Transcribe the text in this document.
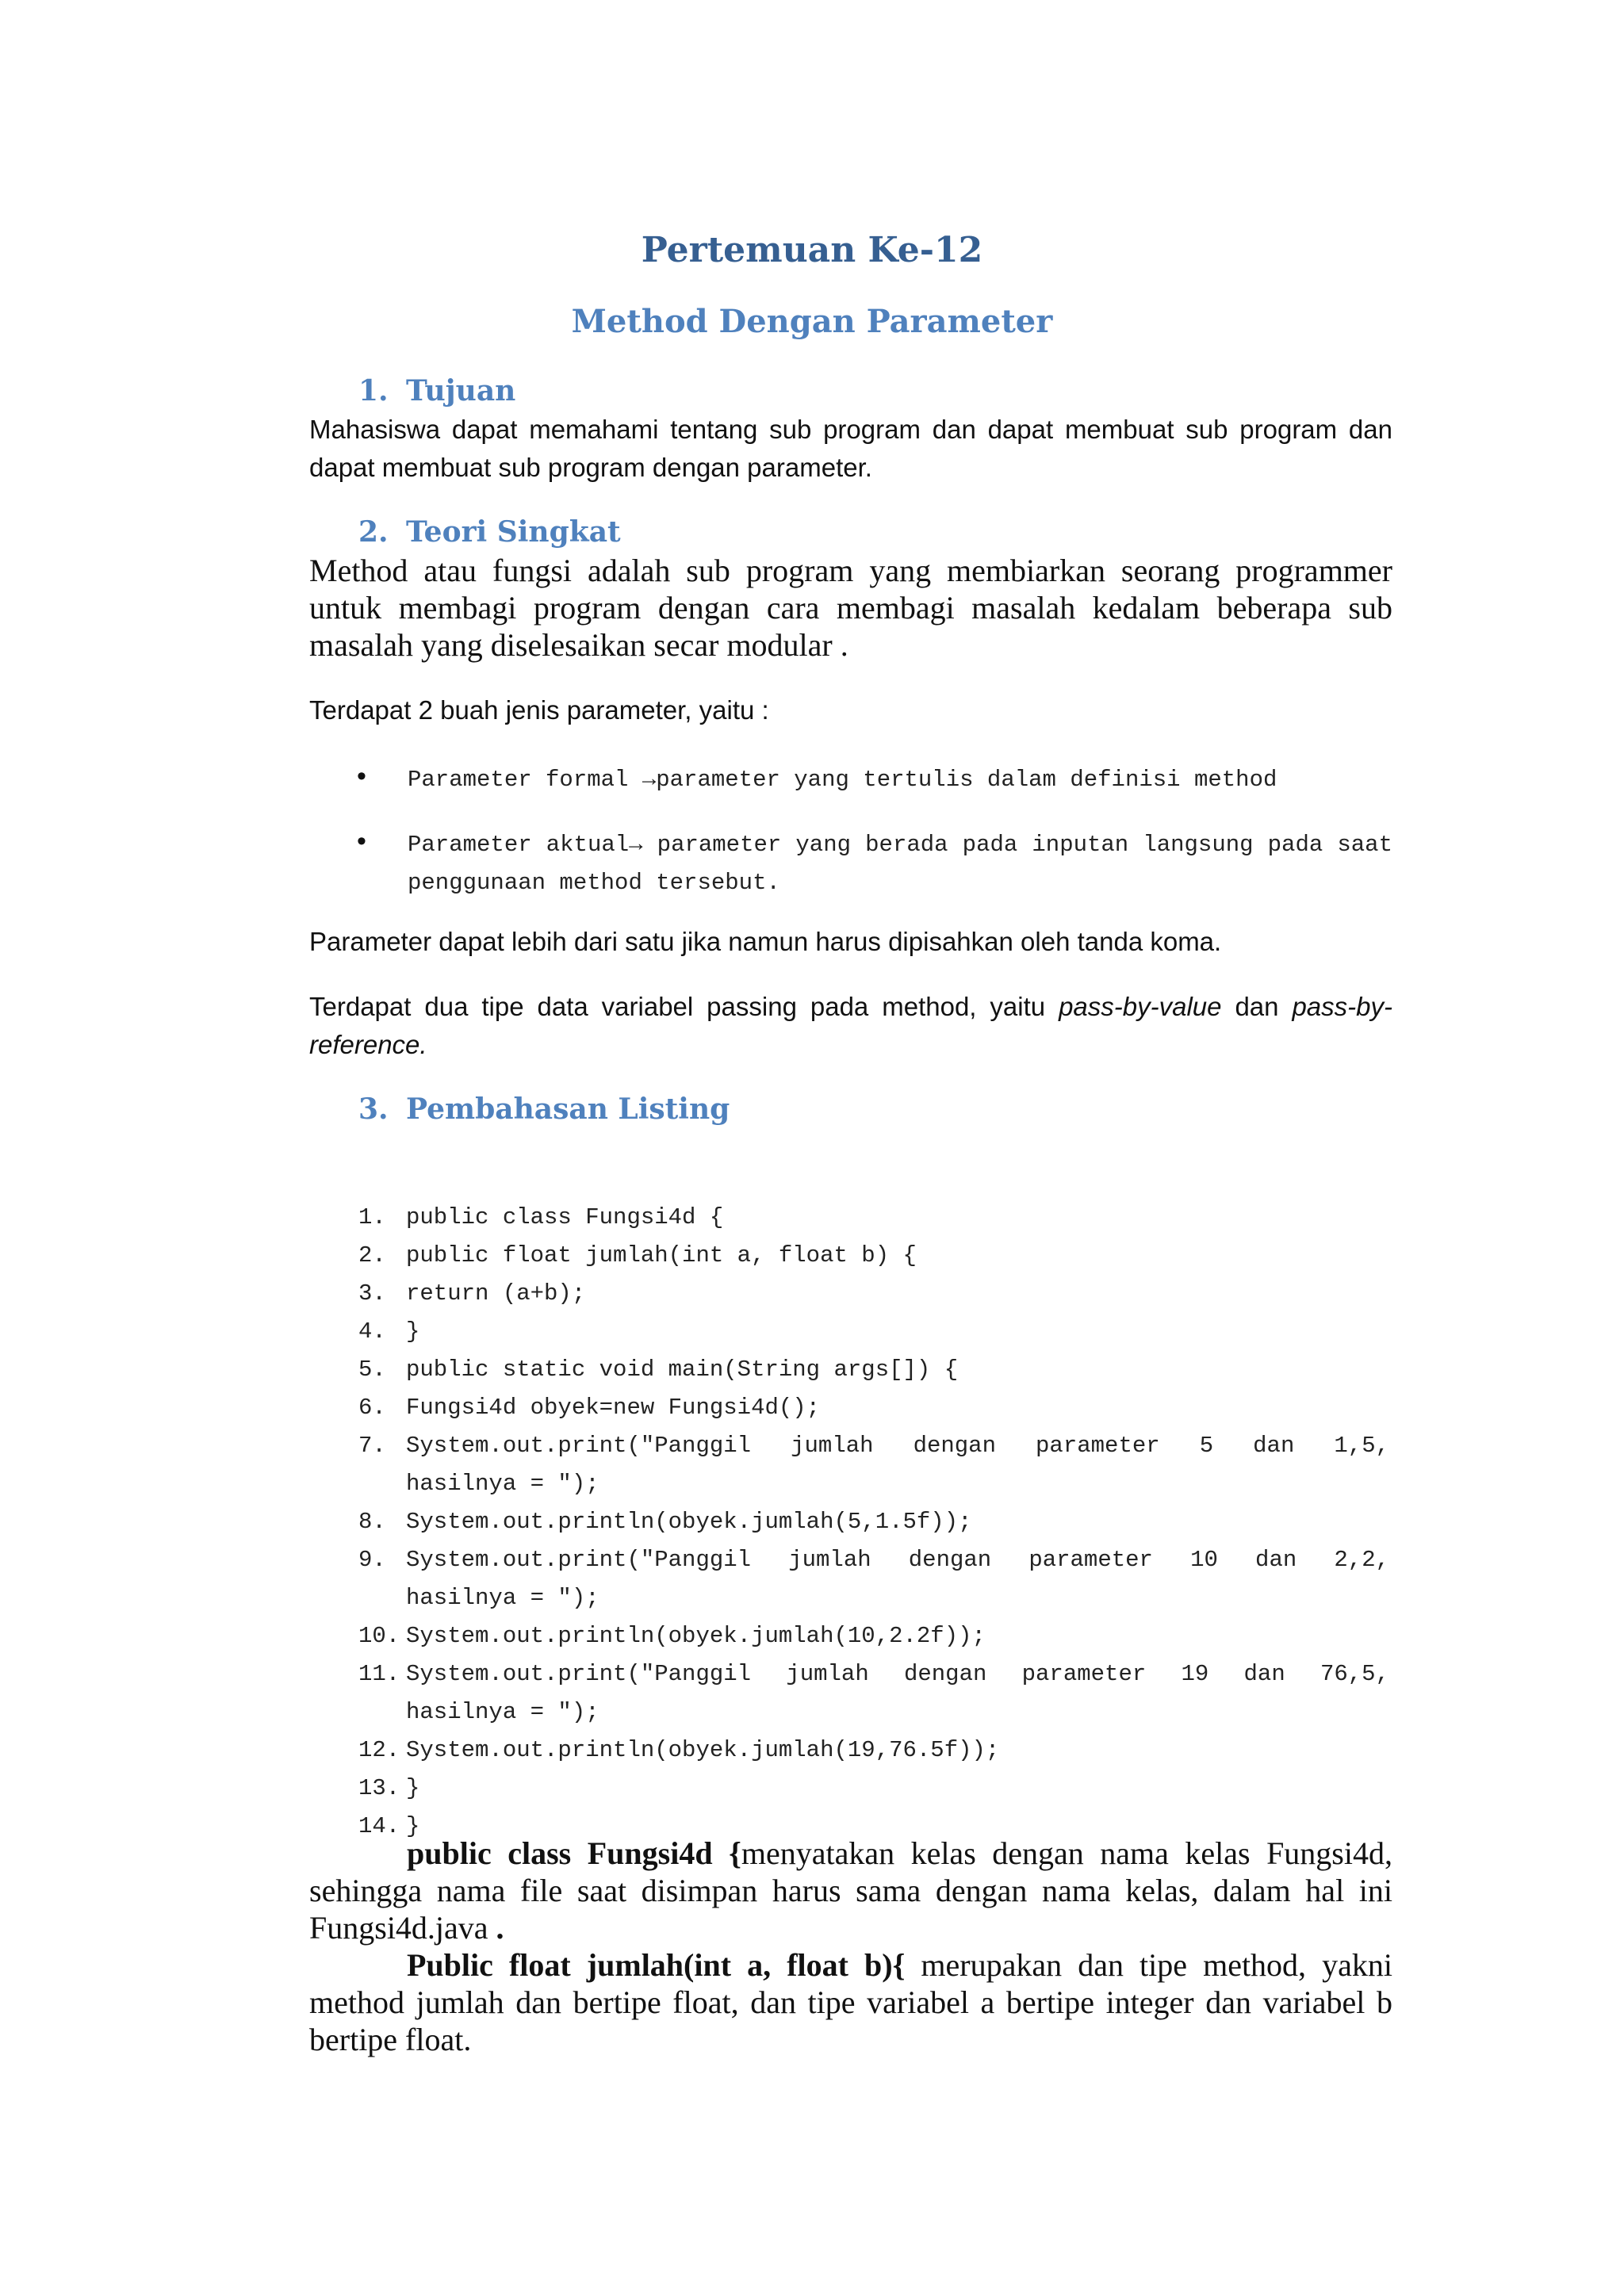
Pertemuan Ke-12
Method Dengan Parameter
1. Tujuan

Mahasiswa dapat memahami tentang sub program dan dapat membuat sub program dan dapat membuat sub program dengan parameter.

2. Teori Singkat

Method atau fungsi adalah sub program yang membiarkan seorang programmer untuk membagi program dengan cara membagi masalah kedalam beberapa sub masalah yang diselesaikan secar modular .

Terdapat 2 buah jenis parameter, yaitu :

• Parameter formal →parameter yang tertulis dalam definisi method

• Parameter aktual→ parameter yang berada pada inputan langsung pada saat penggunaan method tersebut.

Parameter dapat lebih dari satu jika namun harus dipisahkan oleh tanda koma.

Terdapat dua tipe data variabel passing pada method, yaitu pass-by-value dan pass-by-reference.

3. Pembahasan Listing
1. public class Fungsi4d {
2. public float jumlah(int a, float b) {
3. return (a+b);
4. }
5. public static void main(String args[]) {
6. Fungsi4d obyek=new Fungsi4d();
7. System.out.print("Panggil jumlah dengan parameter 5 dan 1,5,
hasilnya = ");
8. System.out.println(obyek.jumlah(5,1.5f));
9. System.out.print("Panggil jumlah dengan parameter 10 dan 2,2,
hasilnya = ");
10. System.out.println(obyek.jumlah(10,2.2f));
11. System.out.print("Panggil jumlah dengan parameter 19 dan 76,5,
hasilnya = ");
12. System.out.println(obyek.jumlah(19,76.5f));
13. }
14. }

public class Fungsi4d {menyatakan kelas dengan nama kelas Fungsi4d, sehingga nama file saat disimpan harus sama dengan nama kelas, dalam hal ini Fungsi4d.java .

Public float jumlah(int a, float b){ merupakan dan tipe method, yakni method jumlah dan bertipe float, dan tipe variabel a bertipe integer dan variabel b bertipe float.
